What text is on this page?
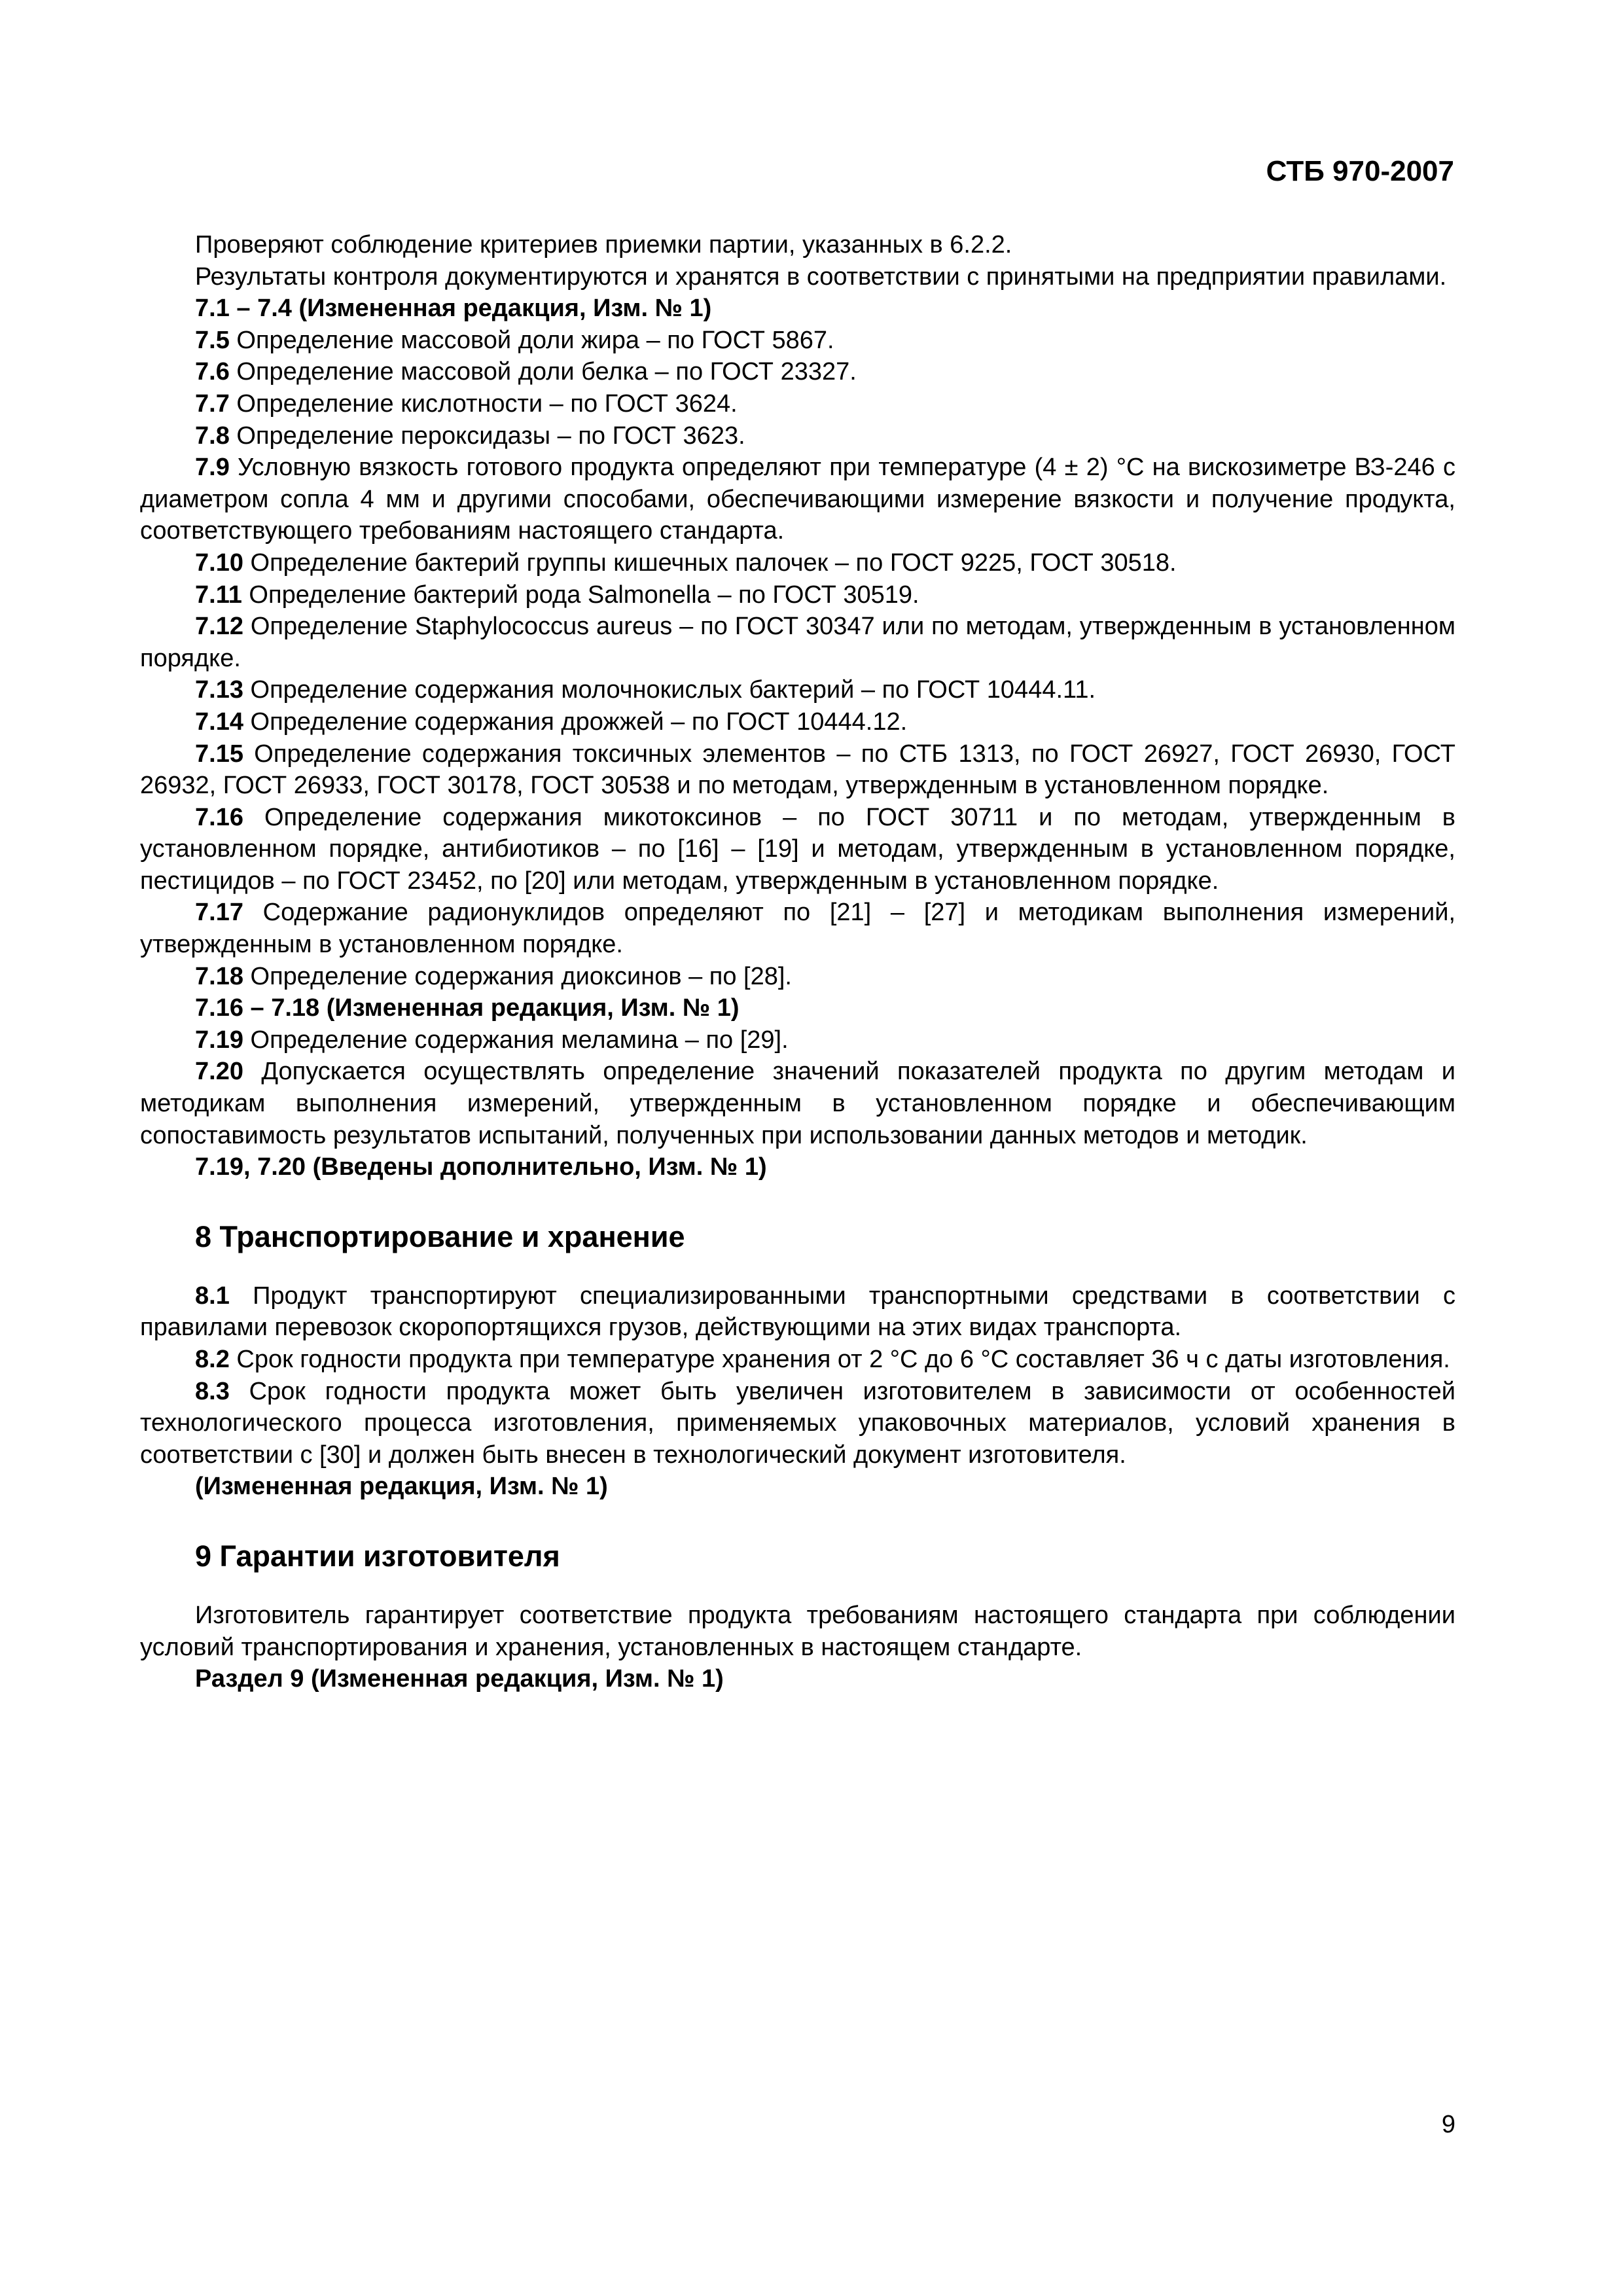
СТБ 970-2007

Проверяют соблюдение критериев приемки партии, указанных в 6.2.2.

Результаты контроля документируются и хранятся в соответствии с принятыми на предприятии правилами.

7.1 – 7.4 (Измененная редакция, Изм. № 1)

7.5 Определение массовой доли жира – по ГОСТ 5867.

7.6 Определение массовой доли белка – по ГОСТ 23327.

7.7 Определение кислотности – по ГОСТ 3624.

7.8 Определение пероксидазы – по ГОСТ 3623.

7.9 Условную вязкость готового продукта определяют при температуре (4 ± 2) °С на вискозиметре ВЗ-246 с диаметром сопла 4 мм и другими способами, обеспечивающими измерение вязкости и получение продукта, соответствующего требованиям настоящего стандарта.

7.10 Определение бактерий группы кишечных палочек – по ГОСТ 9225, ГОСТ 30518.

7.11 Определение бактерий рода Salmonella – по ГОСТ 30519.

7.12 Определение Staphylococcus aureus – по ГОСТ 30347 или по методам, утвержденным в установленном порядке.

7.13 Определение содержания молочнокислых бактерий – по ГОСТ 10444.11.

7.14 Определение содержания дрожжей – по ГОСТ 10444.12.

7.15 Определение содержания токсичных элементов – по СТБ 1313, по ГОСТ 26927, ГОСТ 26930, ГОСТ 26932, ГОСТ 26933, ГОСТ 30178, ГОСТ 30538 и по методам, утвержденным в установленном порядке.

7.16 Определение содержания микотоксинов – по ГОСТ 30711 и по методам, утвержденным в установленном порядке, антибиотиков – по [16] – [19] и методам, утвержденным в установленном порядке, пестицидов – по ГОСТ 23452, по [20] или методам, утвержденным в установленном порядке.

7.17 Содержание радионуклидов определяют по [21] – [27] и методикам выполнения измерений, утвержденным в установленном порядке.

7.18 Определение содержания диоксинов – по [28].

7.16 – 7.18 (Измененная редакция, Изм. № 1)

7.19 Определение содержания меламина – по [29].

7.20 Допускается осуществлять определение значений показателей продукта по другим методам и методикам выполнения измерений, утвержденным в установленном порядке и обеспечивающим сопоставимость результатов испытаний, полученных при использовании данных методов и методик.

7.19, 7.20 (Введены дополнительно, Изм. № 1)

8 Транспортирование и хранение

8.1 Продукт транспортируют специализированными транспортными средствами в соответствии с правилами перевозок скоропортящихся грузов, действующими на этих видах транспорта.

8.2 Срок годности продукта при температуре хранения от 2 °С до 6 °С составляет 36 ч с даты изготовления.

8.3 Срок годности продукта может быть увеличен изготовителем в зависимости от особенностей технологического процесса изготовления, применяемых упаковочных материалов, условий хранения в соответствии с [30] и должен быть внесен в технологический документ изготовителя.

(Измененная редакция, Изм. № 1)

9 Гарантии изготовителя

Изготовитель гарантирует соответствие продукта требованиям настоящего стандарта при соблюдении условий транспортирования и хранения, установленных в настоящем стандарте.

Раздел 9 (Измененная редакция, Изм. № 1)

9
